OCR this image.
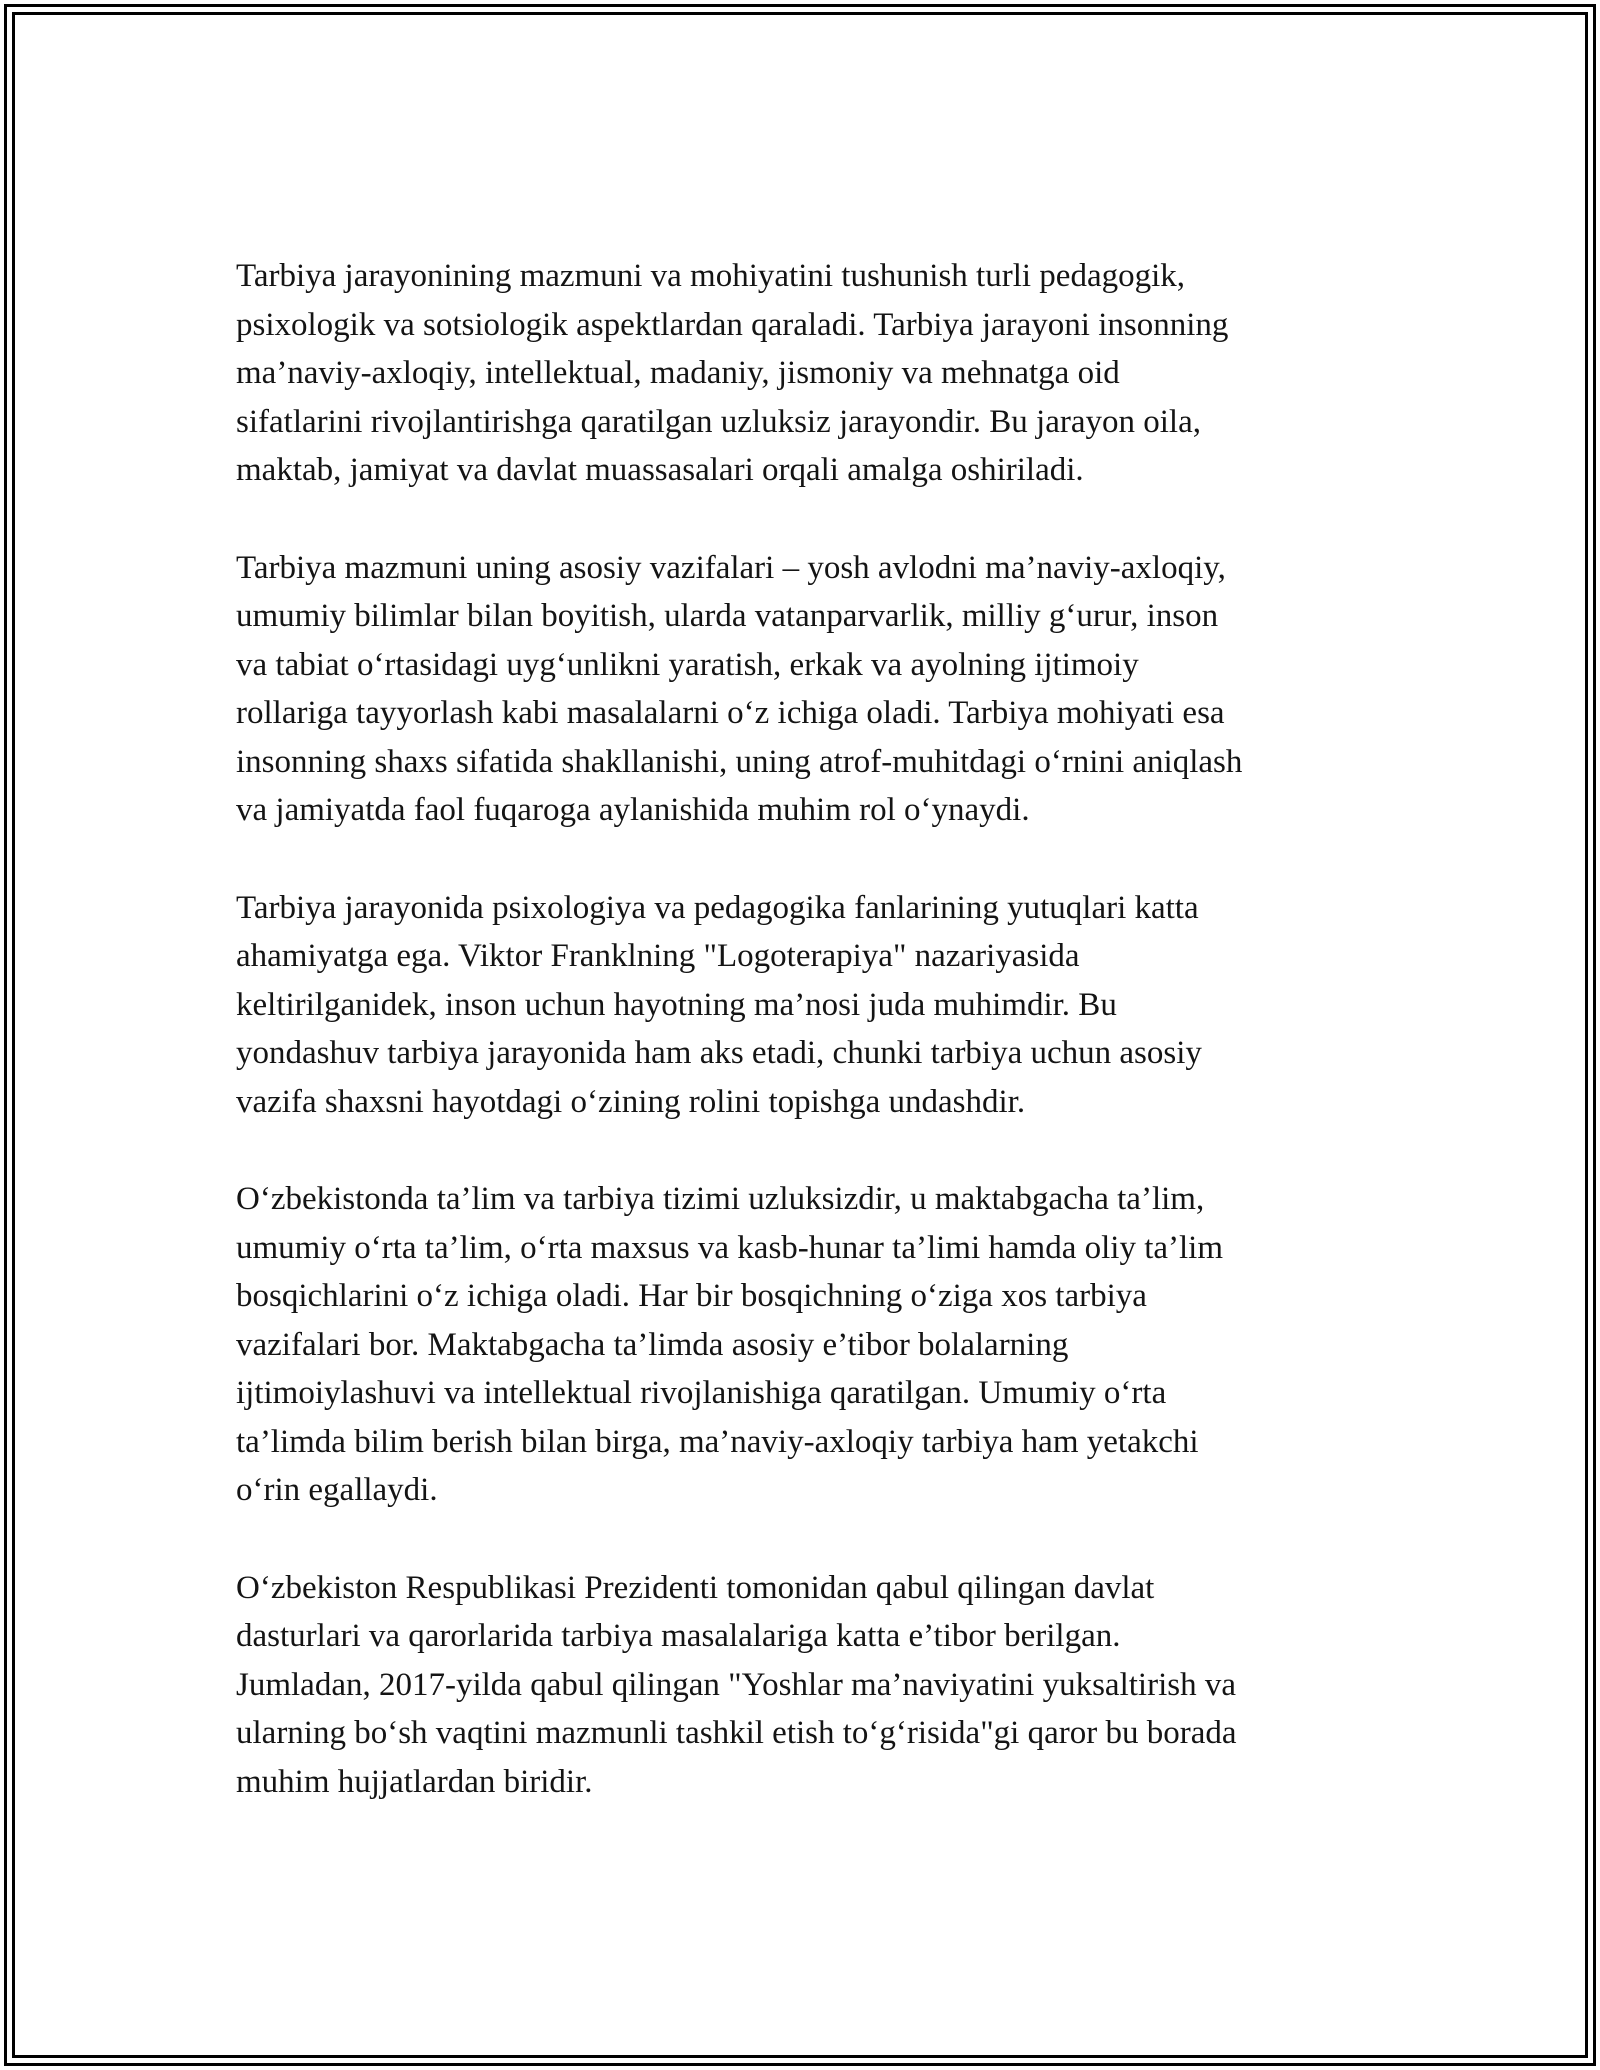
Tarbiya jarayonining mazmuni va mohiyatini tushunish turli pedagogik,
psixologik va sotsiologik aspektlardan qaraladi. Tarbiya jarayoni insonning
ma’naviy-axloqiy, intellektual, madaniy, jismoniy va mehnatga oid
sifatlarini rivojlantirishga qaratilgan uzluksiz jarayondir. Bu jarayon oila,
maktab, jamiyat va davlat muassasalari orqali amalga oshiriladi.

Tarbiya mazmuni uning asosiy vazifalari – yosh avlodni ma’naviy-axloqiy,
umumiy bilimlar bilan boyitish, ularda vatanparvarlik, milliy g‘urur, inson
va tabiat o‘rtasidagi uyg‘unlikni yaratish, erkak va ayolning ijtimoiy
rollariga tayyorlash kabi masalalarni o‘z ichiga oladi. Tarbiya mohiyati esa
insonning shaxs sifatida shakllanishi, uning atrof-muhitdagi o‘rnini aniqlash
va jamiyatda faol fuqaroga aylanishida muhim rol o‘ynaydi.

Tarbiya jarayonida psixologiya va pedagogika fanlarining yutuqlari katta
ahamiyatga ega. Viktor Franklning "Logoterapiya" nazariyasida
keltirilganidek, inson uchun hayotning ma’nosi juda muhimdir. Bu
yondashuv tarbiya jarayonida ham aks etadi, chunki tarbiya uchun asosiy
vazifa shaxsni hayotdagi o‘zining rolini topishga undashdir.

O‘zbekistonda ta’lim va tarbiya tizimi uzluksizdir, u maktabgacha ta’lim,
umumiy o‘rta ta’lim, o‘rta maxsus va kasb-hunar ta’limi hamda oliy ta’lim
bosqichlarini o‘z ichiga oladi. Har bir bosqichning o‘ziga xos tarbiya
vazifalari bor. Maktabgacha ta’limda asosiy e’tibor bolalarning
ijtimoiylashuvi va intellektual rivojlanishiga qaratilgan. Umumiy o‘rta
ta’limda bilim berish bilan birga, ma’naviy-axloqiy tarbiya ham yetakchi
o‘rin egallaydi.

O‘zbekiston Respublikasi Prezidenti tomonidan qabul qilingan davlat
dasturlari va qarorlarida tarbiya masalalariga katta e’tibor berilgan.
Jumladan, 2017-yilda qabul qilingan "Yoshlar ma’naviyatini yuksaltirish va
ularning bo‘sh vaqtini mazmunli tashkil etish to‘g‘risida"gi qaror bu borada
muhim hujjatlardan biridir.
